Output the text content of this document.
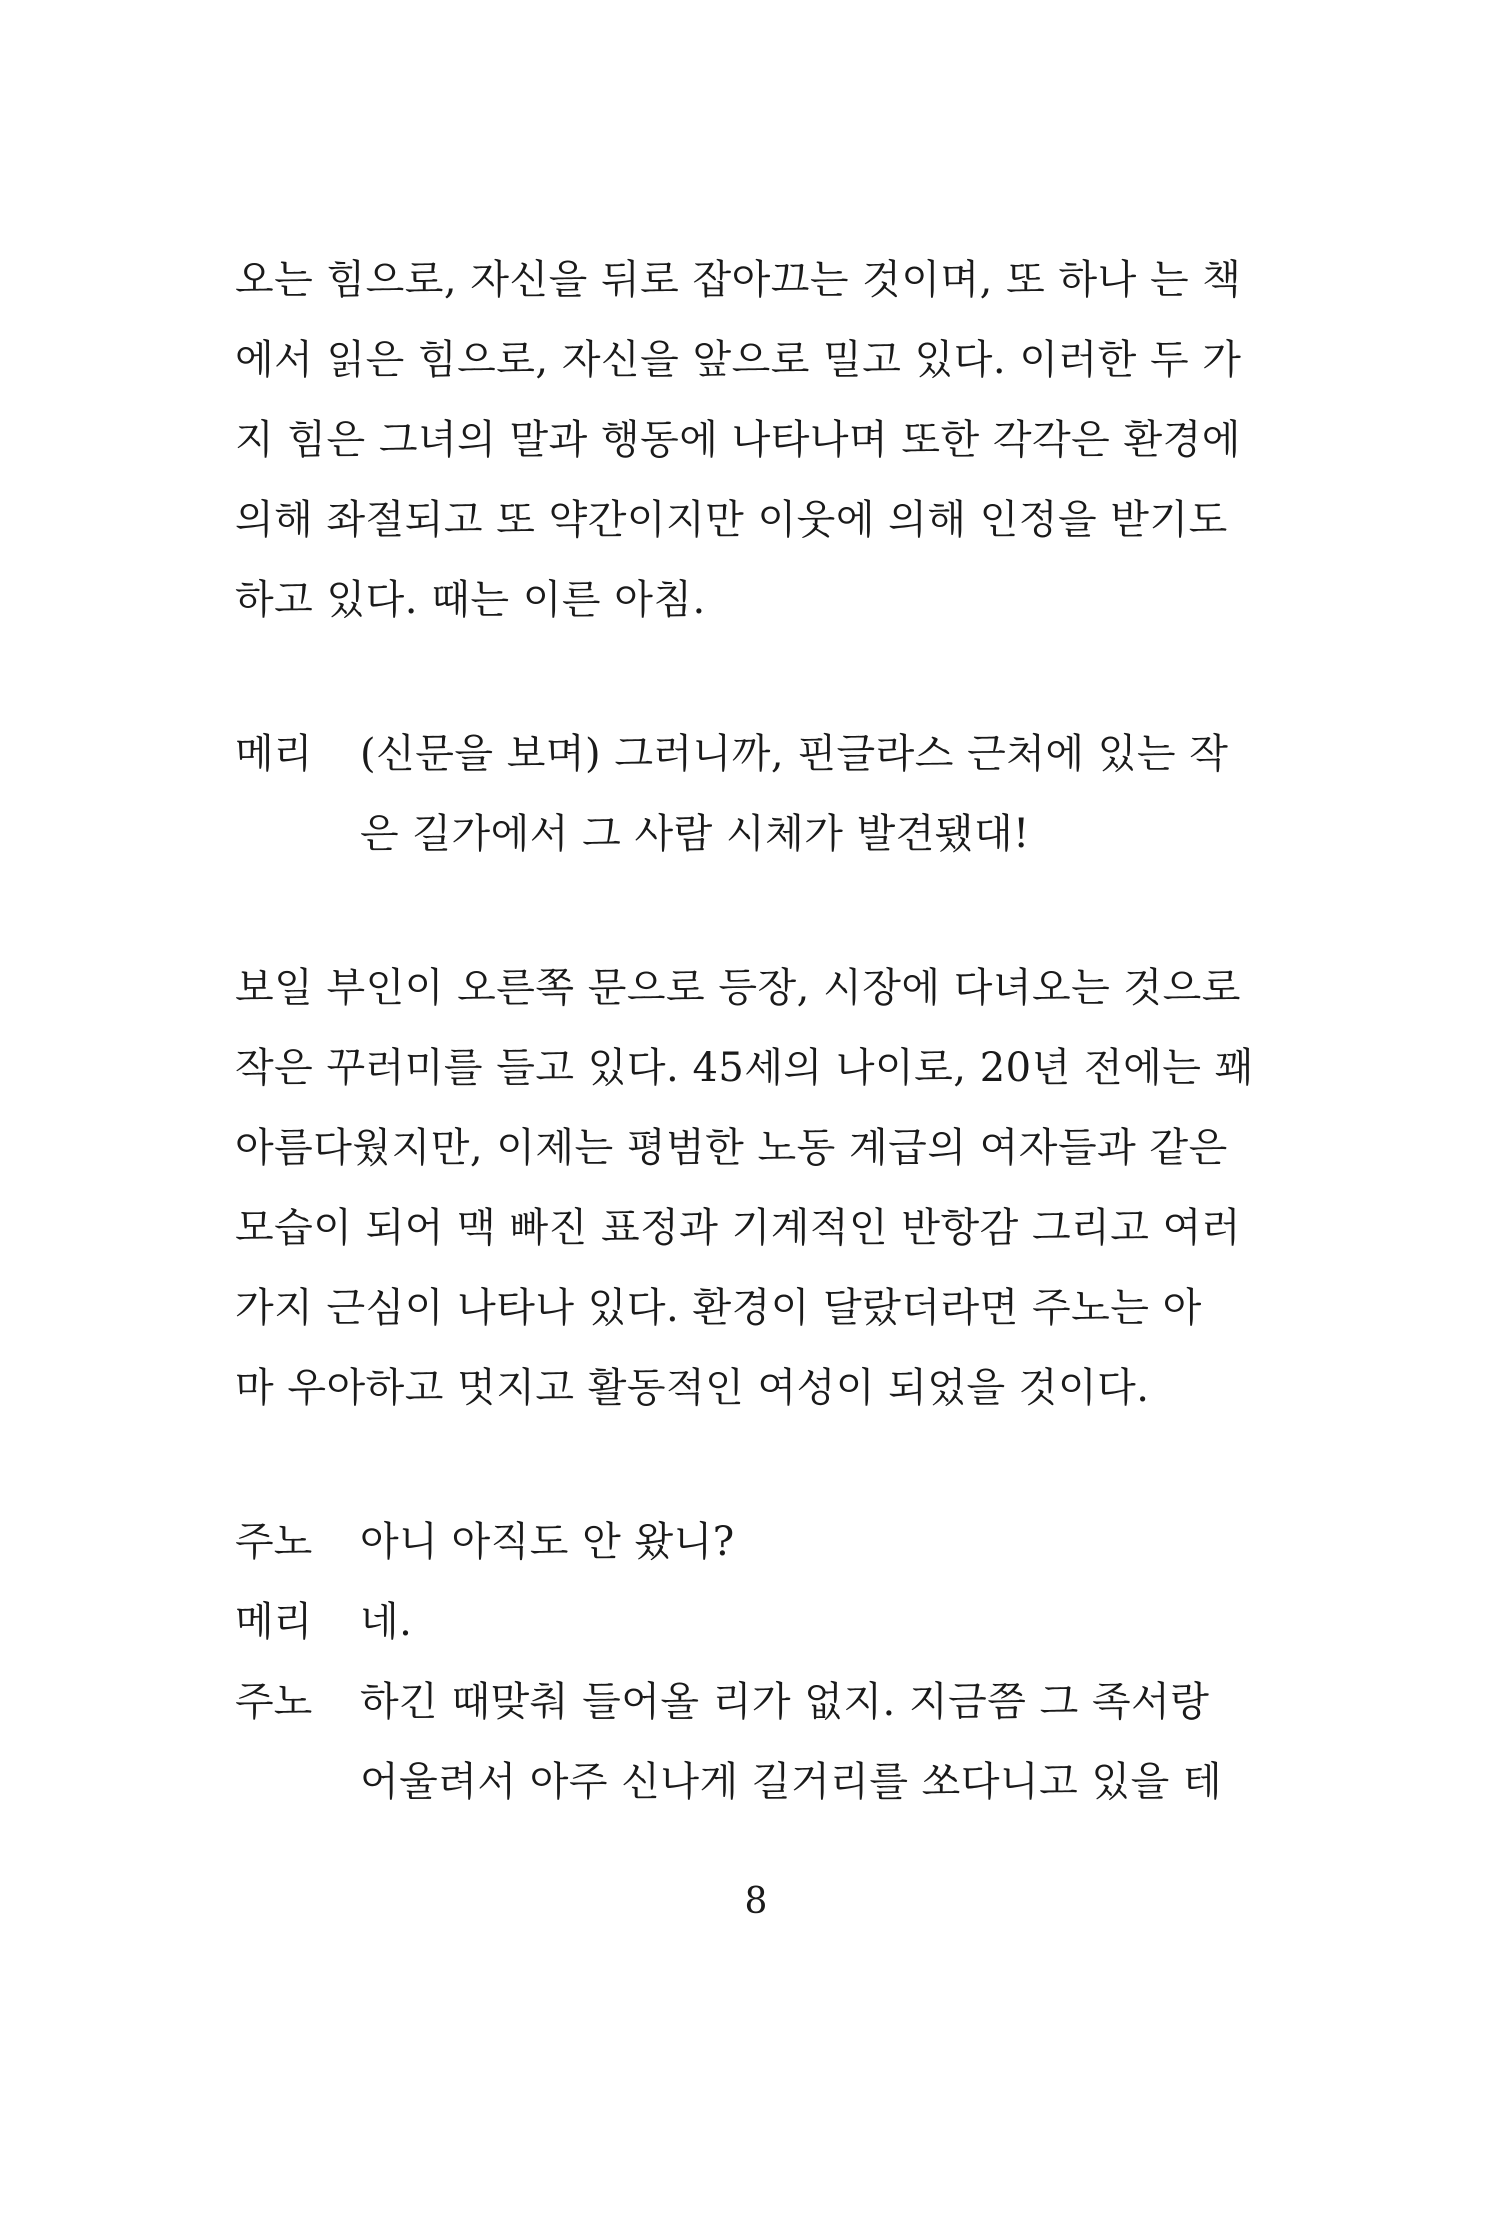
오는 힘으로, 자신을 뒤로 잡아끄는 것이며, 또 하나 는 책
에서 읽은 힘으로, 자신을 앞으로 밀고 있다. 이러한 두 가
지 힘은 그녀의 말과 행동에 나타나며 또한 각각은 환경에
의해 좌절되고 또 약간이지만 이웃에 의해 인정을 받기도
하고 있다. 때는 이른 아침.
메리 (신문을 보며) 그러니까, 핀글라스 근처에 있는 작
은 길가에서 그 사람 시체가 발견됐대!
보일 부인이 오른쪽 문으로 등장, 시장에 다녀오는 것으로
작은 꾸러미를 들고 있다. 45세의 나이로, 20년 전에는 꽤
아름다웠지만, 이제는 평범한 노동 계급의 여자들과 같은
모습이 되어 맥 빠진 표정과 기계적인 반항감 그리고 여러
가지 근심이 나타나 있다. 환경이 달랐더라면 주노는 아
마 우아하고 멋지고 활동적인 여성이 되었을 것이다.
주노 아니 아직도 안 왔니?
메리 네.
주노 하긴 때맞춰 들어올 리가 없지. 지금쯤 그 족서랑
어울려서 아주 신나게 길거리를 쏘다니고 있을 테
8
